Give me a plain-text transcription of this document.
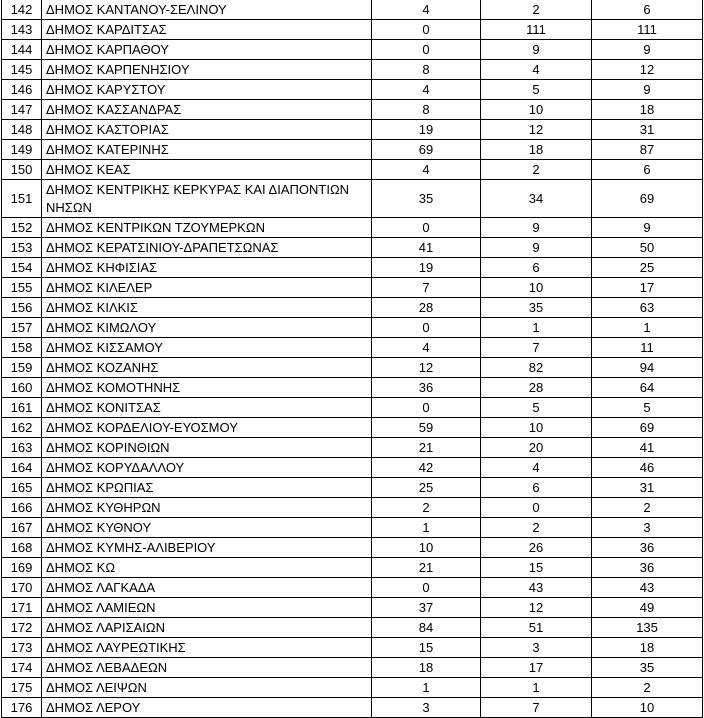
142	ΔΗΜΟΣ ΚΑΝΤΑΝΟΥ-ΣΕΛΙΝΟΥ	4	2	6
143	ΔΗΜΟΣ ΚΑΡΔΙΤΣΑΣ	0	111	111
144	ΔΗΜΟΣ ΚΑΡΠΑΘΟΥ	0	9	9
145	ΔΗΜΟΣ ΚΑΡΠΕΝΗΣΙΟΥ	8	4	12
146	ΔΗΜΟΣ ΚΑΡΥΣΤΟΥ	4	5	9
147	ΔΗΜΟΣ ΚΑΣΣΑΝΔΡΑΣ	8	10	18
148	ΔΗΜΟΣ ΚΑΣΤΟΡΙΑΣ	19	12	31
149	ΔΗΜΟΣ ΚΑΤΕΡΙΝΗΣ	69	18	87
150	ΔΗΜΟΣ ΚΕΑΣ	4	2	6
151	ΔΗΜΟΣ ΚΕΝΤΡΙΚΗΣ ΚΕΡΚΥΡΑΣ ΚΑΙ ΔΙΑΠΟΝΤΙΩΝ ΝΗΣΩΝ	35	34	69
152	ΔΗΜΟΣ ΚΕΝΤΡΙΚΩΝ ΤΖΟΥΜΕΡΚΩΝ	0	9	9
153	ΔΗΜΟΣ ΚΕΡΑΤΣΙΝΙΟΥ-ΔΡΑΠΕΤΣΩΝΑΣ	41	9	50
154	ΔΗΜΟΣ ΚΗΦΙΣΙΑΣ	19	6	25
155	ΔΗΜΟΣ ΚΙΛΕΛΕΡ	7	10	17
156	ΔΗΜΟΣ ΚΙΛΚΙΣ	28	35	63
157	ΔΗΜΟΣ ΚΙΜΩΛΟΥ	0	1	1
158	ΔΗΜΟΣ ΚΙΣΣΑΜΟΥ	4	7	11
159	ΔΗΜΟΣ ΚΟΖΑΝΗΣ	12	82	94
160	ΔΗΜΟΣ ΚΟΜΟΤΗΝΗΣ	36	28	64
161	ΔΗΜΟΣ ΚΟΝΙΤΣΑΣ	0	5	5
162	ΔΗΜΟΣ ΚΟΡΔΕΛΙΟΥ-ΕΥΟΣΜΟΥ	59	10	69
163	ΔΗΜΟΣ ΚΟΡΙΝΘΙΩΝ	21	20	41
164	ΔΗΜΟΣ ΚΟΡΥΔΑΛΛΟΥ	42	4	46
165	ΔΗΜΟΣ ΚΡΩΠΙΑΣ	25	6	31
166	ΔΗΜΟΣ ΚΥΘΗΡΩΝ	2	0	2
167	ΔΗΜΟΣ ΚΥΘΝΟΥ	1	2	3
168	ΔΗΜΟΣ ΚΥΜΗΣ-ΑΛΙΒΕΡΙΟΥ	10	26	36
169	ΔΗΜΟΣ ΚΩ	21	15	36
170	ΔΗΜΟΣ ΛΑΓΚΑΔΑ	0	43	43
171	ΔΗΜΟΣ ΛΑΜΙΕΩΝ	37	12	49
172	ΔΗΜΟΣ ΛΑΡΙΣΑΙΩΝ	84	51	135
173	ΔΗΜΟΣ ΛΑΥΡΕΩΤΙΚΗΣ	15	3	18
174	ΔΗΜΟΣ ΛΕΒΑΔΕΩΝ	18	17	35
175	ΔΗΜΟΣ ΛΕΙΨΩΝ	1	1	2
176	ΔΗΜΟΣ ΛΕΡΟΥ	3	7	10
